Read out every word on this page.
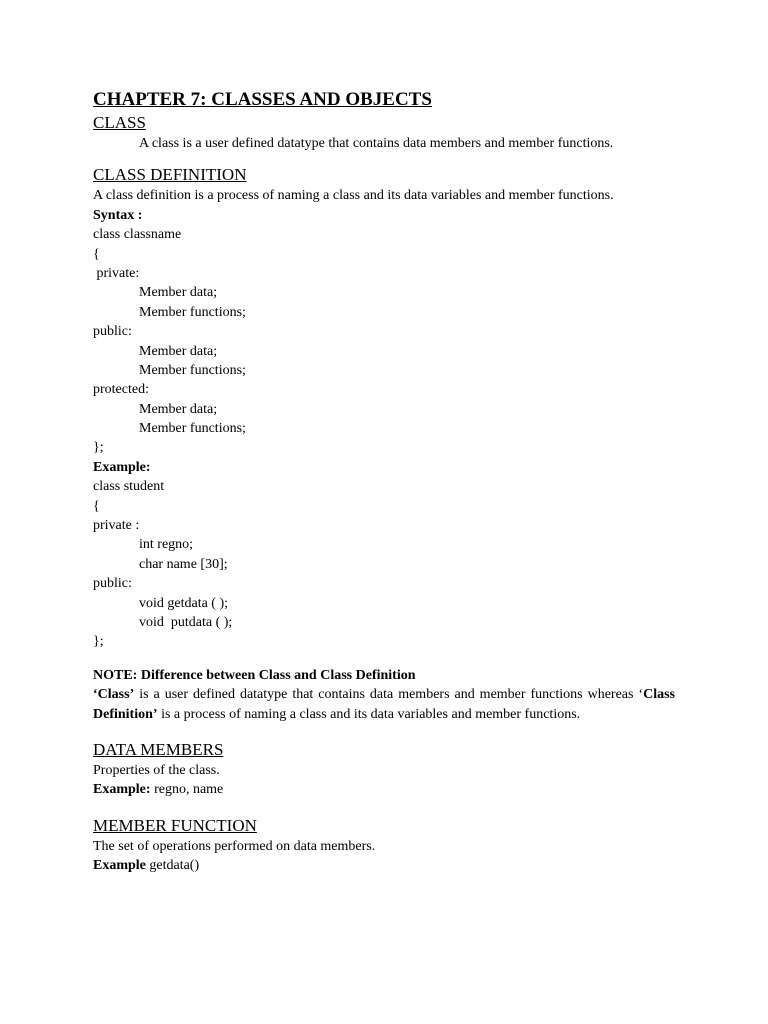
CHAPTER 7: CLASSES AND OBJECTS
CLASS
A class is a user defined datatype that contains data members and member functions.
CLASS DEFINITION
A class definition is a process of naming a class and its data variables and member functions.
Syntax :
class classname
{
private:
Member data;
Member functions;
public:
Member data;
Member functions;
protected:
Member data;
Member functions;
};
Example:
class student
{
private :
int regno;
char name [30];
public:
void getdata ( );
void  putdata ( );
};
NOTE: Difference between Class and Class Definition

‘Class’ is a user defined datatype that contains data members and member functions whereas ‘Class Definition’ is a process of naming a class and its data variables and member functions.

DATA MEMBERS
Properties of the class.
Example: regno, name
MEMBER FUNCTION
The set of operations performed on data members.
Example getdata()
